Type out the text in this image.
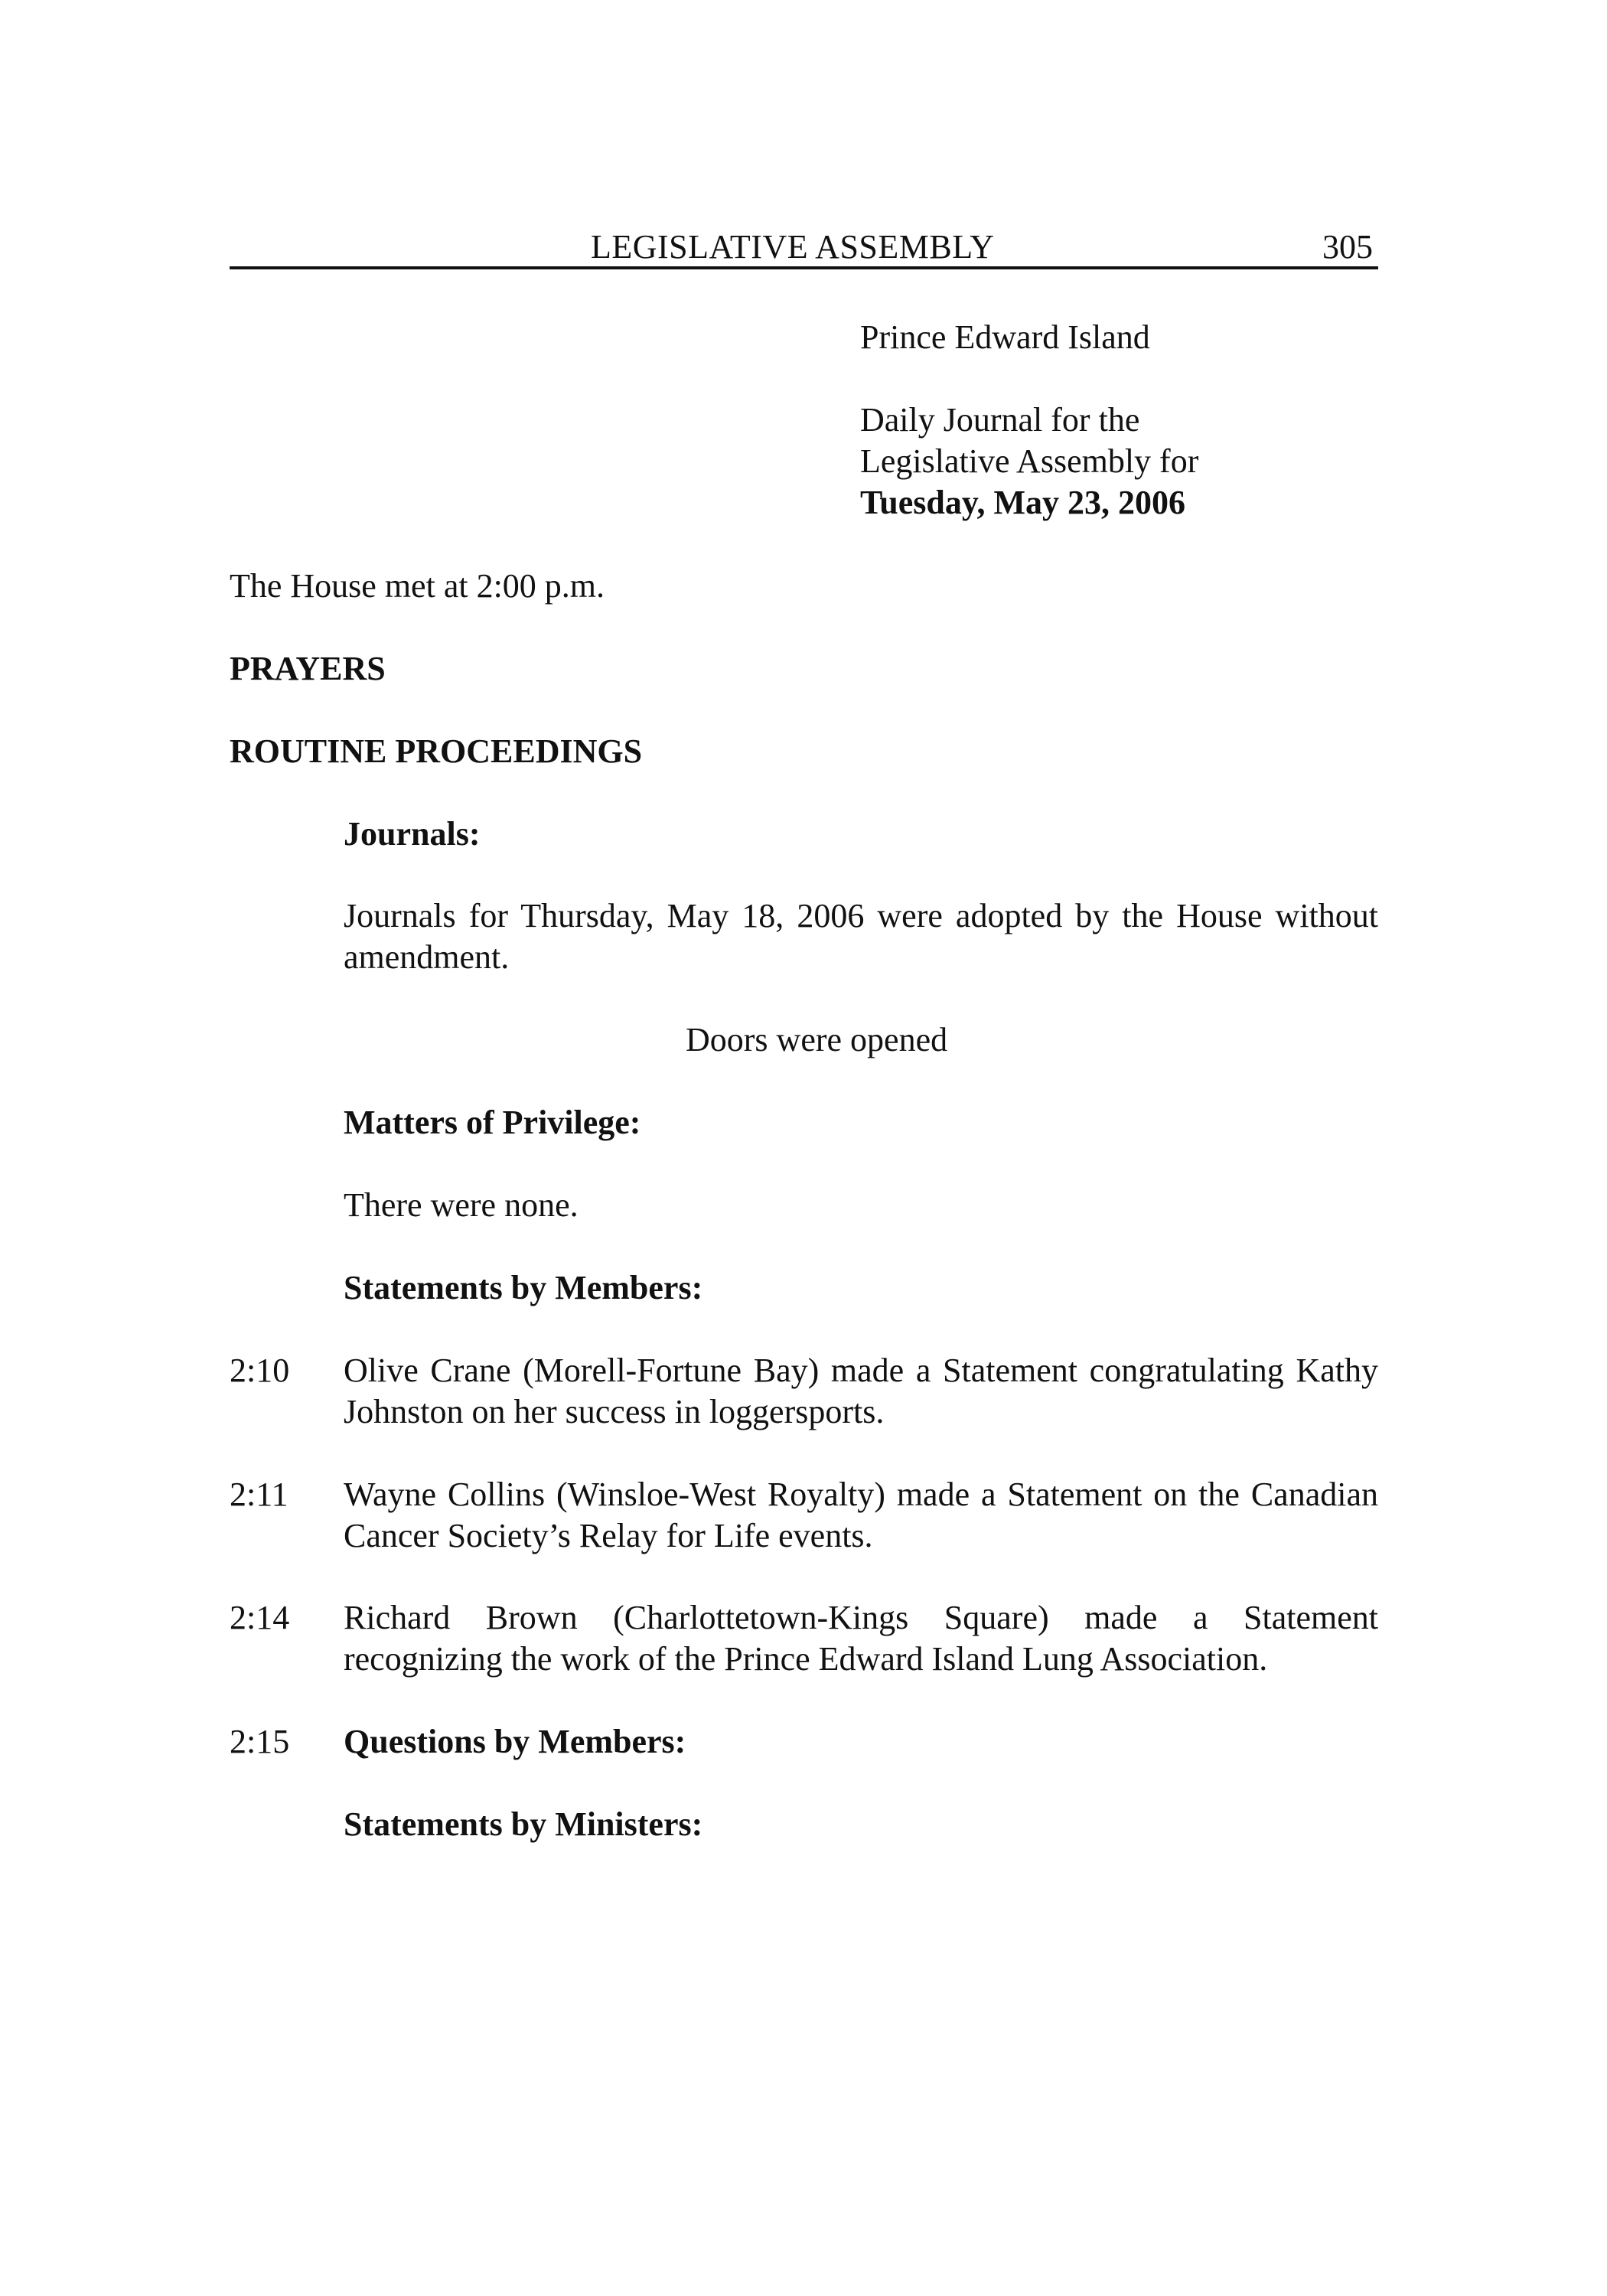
LEGISLATIVE ASSEMBLY	305
Prince Edward Island
Daily Journal for the
Legislative Assembly for
Tuesday, May 23, 2006
The House met at 2:00 p.m.
PRAYERS
ROUTINE PROCEEDINGS
Journals:
Journals for Thursday, May 18, 2006 were adopted by the House without
amendment.
Doors were opened
Matters of Privilege:
There were none.
Statements by Members:
2:10 Olive Crane (Morell-Fortune Bay) made a Statement congratulating Kathy
Johnston on her success in loggersports.
2:11 Wayne Collins (Winsloe-West Royalty) made a Statement on the Canadian
Cancer Society’s Relay for Life events.
2:14 Richard Brown (Charlottetown-Kings Square) made a Statement
recognizing the work of the Prince Edward Island Lung Association.
2:15 Questions by Members:
Statements by Ministers:
